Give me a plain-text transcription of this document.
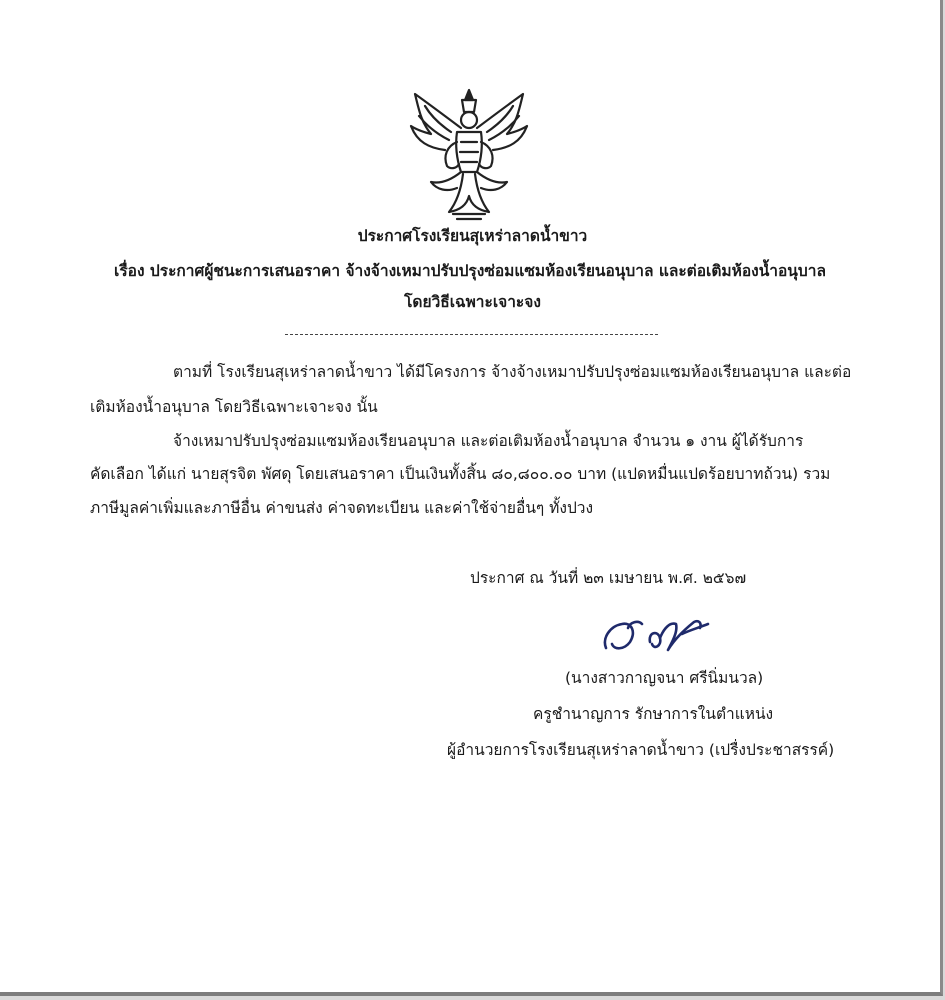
ประกาศโรงเรียนสุเหร่าลาดน้ำขาว
เรื่อง ประกาศผู้ชนะการเสนอราคา จ้างจ้างเหมาปรับปรุงซ่อมแซมห้องเรียนอนุบาล และต่อเติมห้องน้ำอนุบาล
โดยวิธีเฉพาะเจาะจง
ตามที่ โรงเรียนสุเหร่าลาดน้ำขาว ได้มีโครงการ จ้างจ้างเหมาปรับปรุงซ่อมแซมห้องเรียนอนุบาล และต่อ
เติมห้องน้ำอนุบาล โดยวิธีเฉพาะเจาะจง นั้น
จ้างเหมาปรับปรุงซ่อมแซมห้องเรียนอนุบาล และต่อเติมห้องน้ำอนุบาล จำนวน ๑ งาน ผู้ได้รับการ
คัดเลือก ได้แก่ นายสุรจิต พัศดุ โดยเสนอราคา เป็นเงินทั้งสิ้น ๘๐,๘๐๐.๐๐ บาท (แปดหมื่นแปดร้อยบาทถ้วน) รวม
ภาษีมูลค่าเพิ่มและภาษีอื่น ค่าขนส่ง ค่าจดทะเบียน และค่าใช้จ่ายอื่นๆ ทั้งปวง
ประกาศ ณ วันที่ ๒๓ เมษายน พ.ศ. ๒๕๖๗
(นางสาวกาญจนา ศรีนิ่มนวล)
ครูชำนาญการ รักษาการในตำแหน่ง
ผู้อำนวยการโรงเรียนสุเหร่าลาดน้ำขาว (เปรื่งประชาสรรค์)
